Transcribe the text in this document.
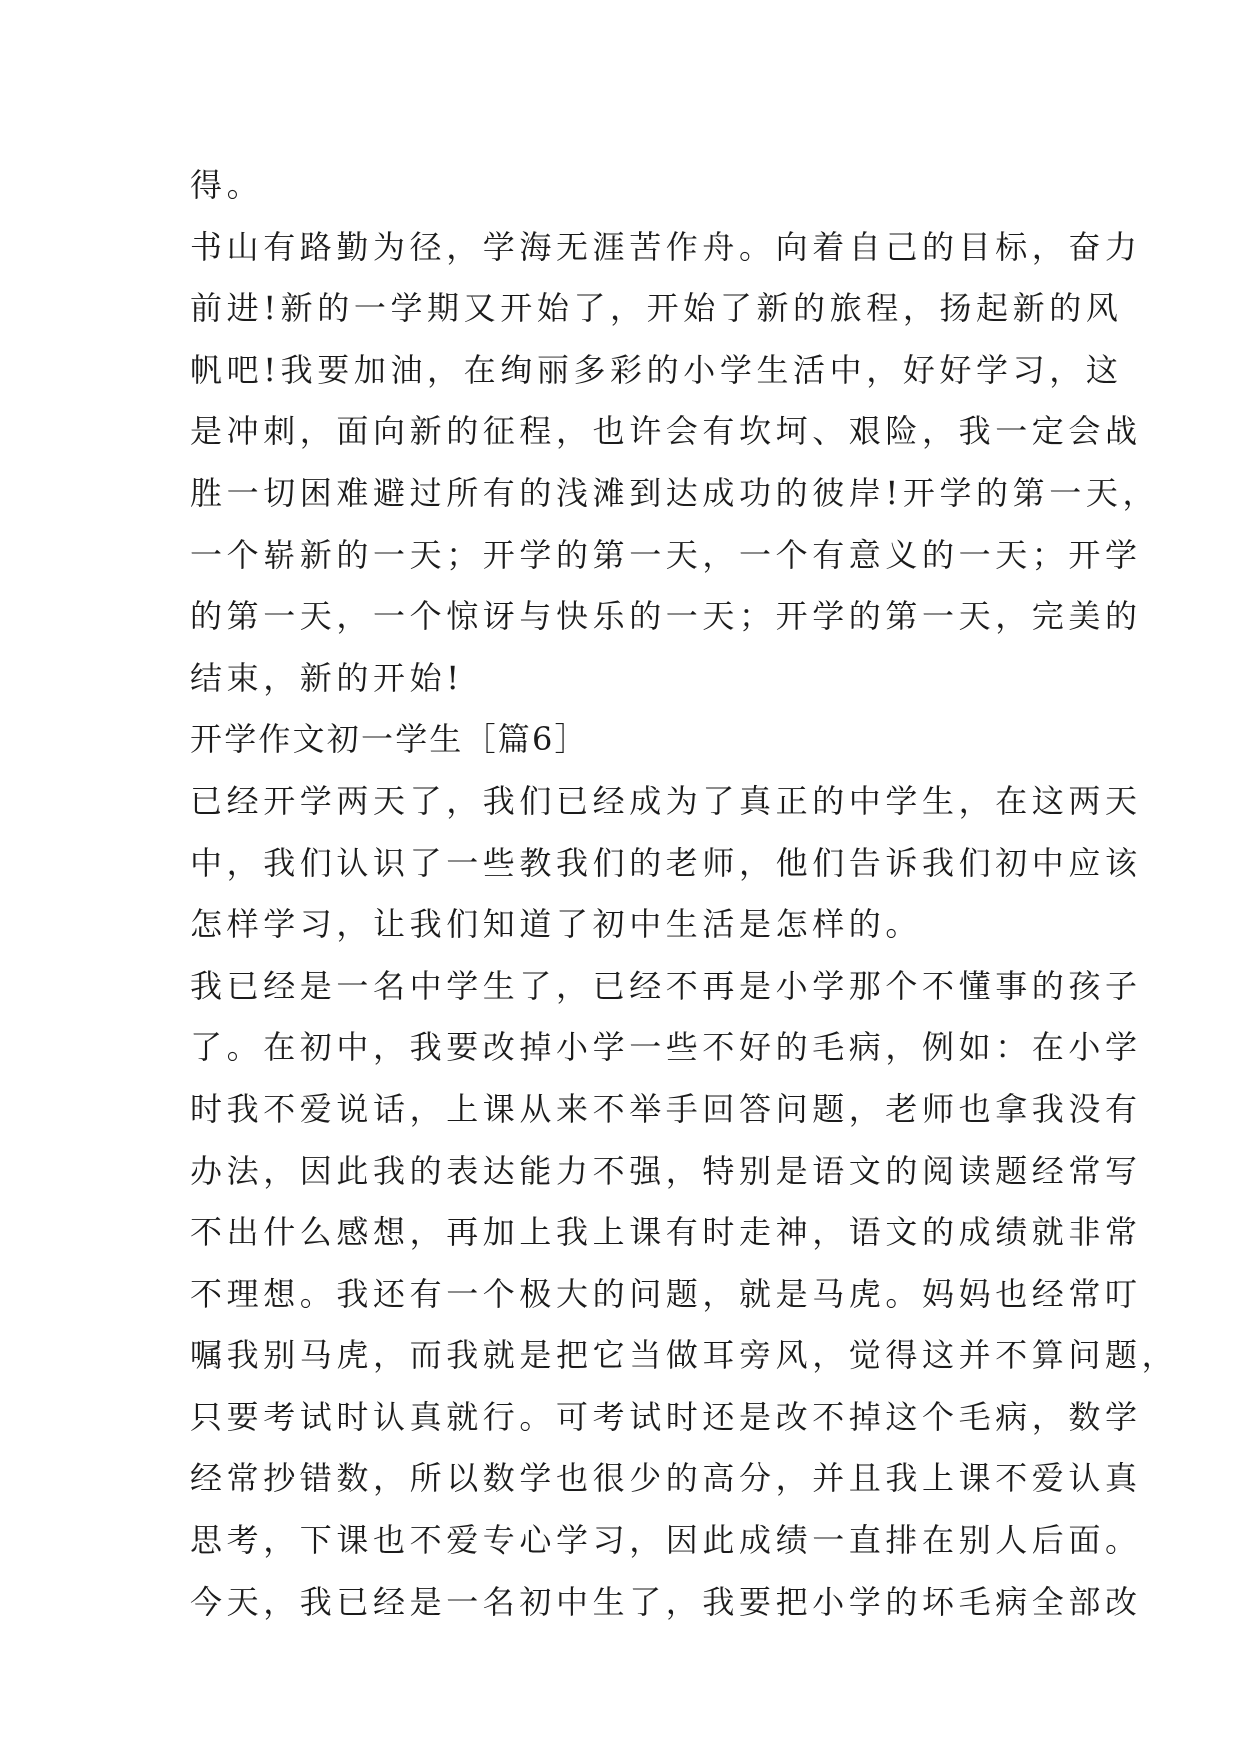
得。
书山有路勤为径，学海无涯苦作舟。向着自己的目标，奋力
前进!新的一学期又开始了，开始了新的旅程，扬起新的风
帆吧!我要加油，在绚丽多彩的小学生活中，好好学习，这
是冲刺，面向新的征程，也许会有坎坷、艰险，我一定会战
胜一切困难避过所有的浅滩到达成功的彼岸!开学的第一天，
一个崭新的一天；开学的第一天，一个有意义的一天；开学
的第一天，一个惊讶与快乐的一天；开学的第一天，完美的
结束，新的开始!
开学作文初一学生［篇6］
已经开学两天了，我们已经成为了真正的中学生，在这两天
中，我们认识了一些教我们的老师，他们告诉我们初中应该
怎样学习，让我们知道了初中生活是怎样的。
我已经是一名中学生了，已经不再是小学那个不懂事的孩子
了。在初中，我要改掉小学一些不好的毛病，例如：在小学
时我不爱说话，上课从来不举手回答问题，老师也拿我没有
办法，因此我的表达能力不强，特别是语文的阅读题经常写
不出什么感想，再加上我上课有时走神，语文的成绩就非常
不理想。我还有一个极大的问题，就是马虎。妈妈也经常叮
嘱我别马虎，而我就是把它当做耳旁风，觉得这并不算问题，
只要考试时认真就行。可考试时还是改不掉这个毛病，数学
经常抄错数，所以数学也很少的高分，并且我上课不爱认真
思考，下课也不爱专心学习，因此成绩一直排在别人后面。
今天，我已经是一名初中生了，我要把小学的坏毛病全部改
